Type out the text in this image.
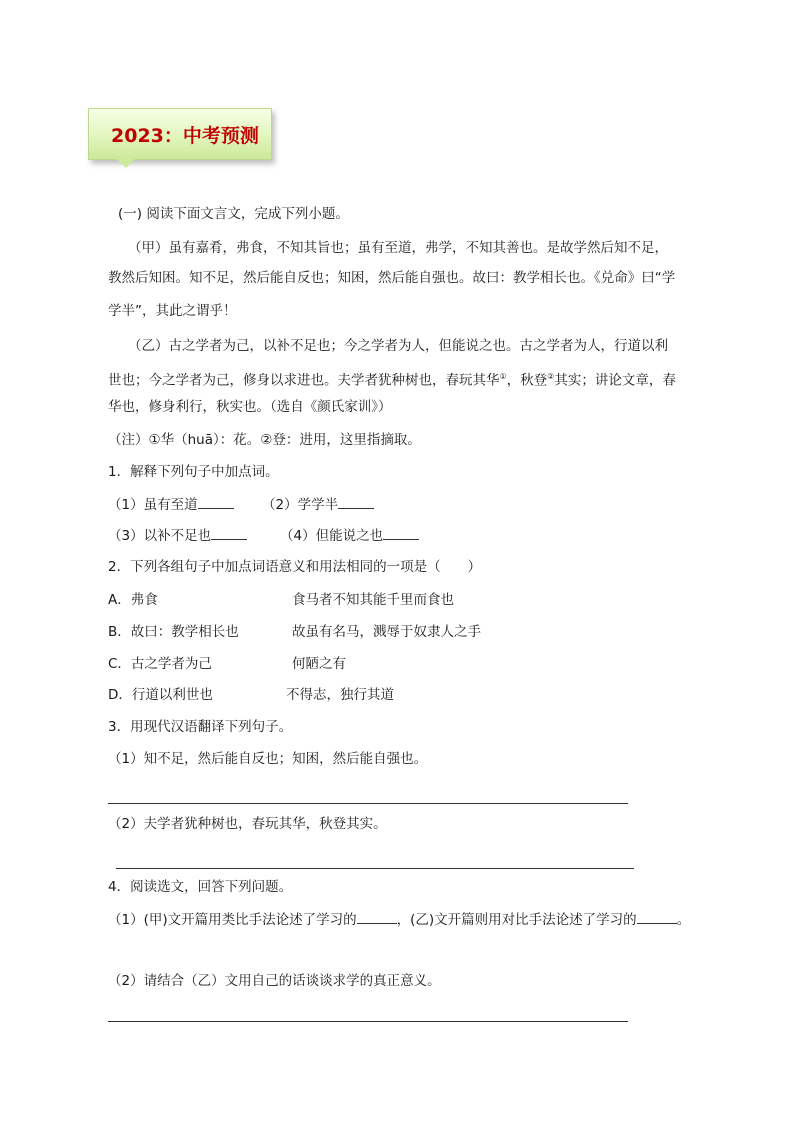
2023：中考预测
(一) 阅读下面文言文，完成下列小题。
（甲）虽有嘉肴，弗食，不知其旨也；虽有至道，弗学，不知其善也。是故学然后知不足，
教然后知困。知不足，然后能自反也；知困，然后能自强也。故曰：教学相长也。《兑命》曰“学
学半”，其此之谓乎！
（乙）古之学者为己，以补不足也；今之学者为人，但能说之也。古之学者为人，行道以利
世也；今之学者为己，修身以求进也。夫学者犹种树也，春玩其华①，秋登②其实；讲论文章，春
华也，修身利行，秋实也。（选自《颜氏家训》）
（注）①华（huā）：花。②登：进用，这里指摘取。
1．解释下列句子中加点词。
（1）虽有至道	（2）学学半
（3）以补不足也	（4）但能说之也
2．下列各组句子中加点词语意义和用法相同的一项是（　　）
A．弗食	食马者不知其能千里而食也
B．故曰：教学相长也	故虽有名马，溅辱于奴隶人之手
C．古之学者为己	何陋之有
D．行道以利世也	不得志，独行其道
3．用现代汉语翻译下列句子。
（1）知不足，然后能自反也；知困，然后能自强也。
（2）夫学者犹种树也，春玩其华，秋登其实。
4．阅读选文，回答下列问题。
（1）(甲)文开篇用类比手法论述了学习的	，(乙)文开篇则用对比手法论述了学习的	。
（2）请结合（乙）文用自己的话谈谈求学的真正意义。
